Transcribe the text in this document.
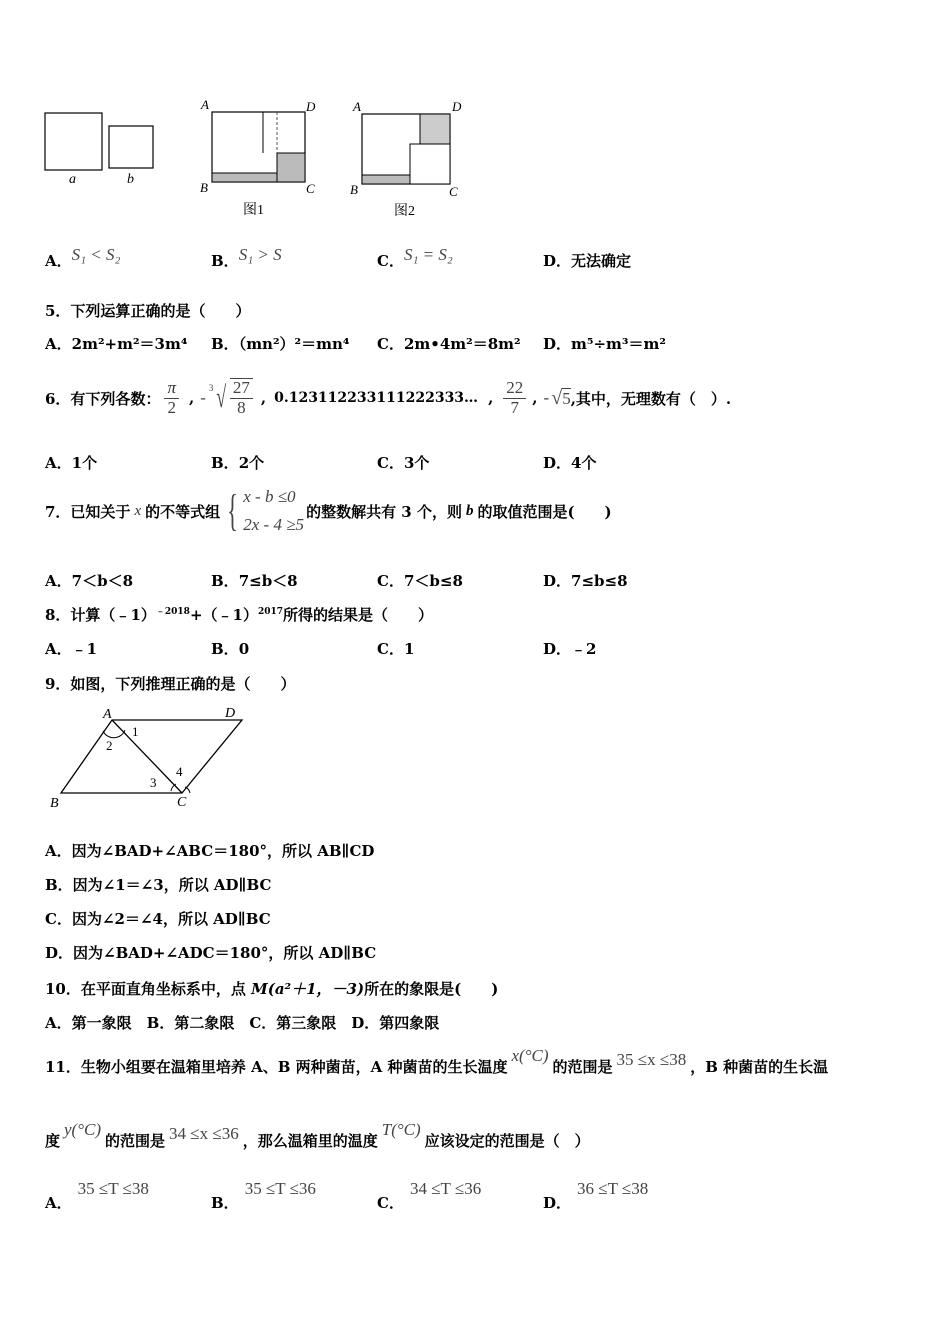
a	b
A	D
B	C
图1
A	D
B	C
图2
A．S₁ < S₂	B．S₁ > S	C．S₁ = S₂	D．无法确定
5．下列运算正确的是（　　）
A．2m²+m²＝3m⁴ B．（mn²）²＝mn⁴ C．2m•4m²＝8m² D．m⁵÷m³＝m²
6．有下列各数： $\frac{\pi}{2}$ , - 3 √ $\frac{27}{8}$ , 0.123112233111222333… , $\frac{22}{7}$ , - √ 5 ,其中，无理数有（　）.
A．1个	B．2个	C．3个	D．4个
7．已知关于 x 的不等式组 { x - b ≤0
2x - 4 ≥5
的整数解共有 3 个，则 b 的取值范围是(　　)
A．7＜b＜8	B．7≤b＜8	C．7＜b≤8	D．7≤b≤8
8．计算（﹣1）$^{﹣2018}$+（﹣1）$^{2017}$所得的结果是（　　）
A．﹣1	B．0	C．1	D．﹣2
9．如图，下列推理正确的是（　　）
A	D
B	C
1
2
3
4
A．因为∠BAD+∠ABC＝180°，所以 AB∥CD
B．因为∠1＝∠3，所以 AD∥BC
C．因为∠2＝∠4，所以 AD∥BC
D．因为∠BAD+∠ADC＝180°，所以 AD∥BC
10．在平面直角坐标系中，点 M(a²＋1，－3)所在的象限是(　　)
A．第一象限　B．第二象限　C．第三象限　D．第四象限
11．生物小组要在温箱里培养 A、B 两种菌苗，A 种菌苗的生长温度
x(°C)
的范围是 35 ≤x ≤38 ，B 种菌苗的生长温
度
y(°C)
的范围是 34 ≤x ≤36 ，那么温箱里的温度
T(°C)
应该设定的范围是（　）
A．35 ≤T ≤38
B．35 ≤T ≤36
C．34 ≤T ≤36
D．36 ≤T ≤38
